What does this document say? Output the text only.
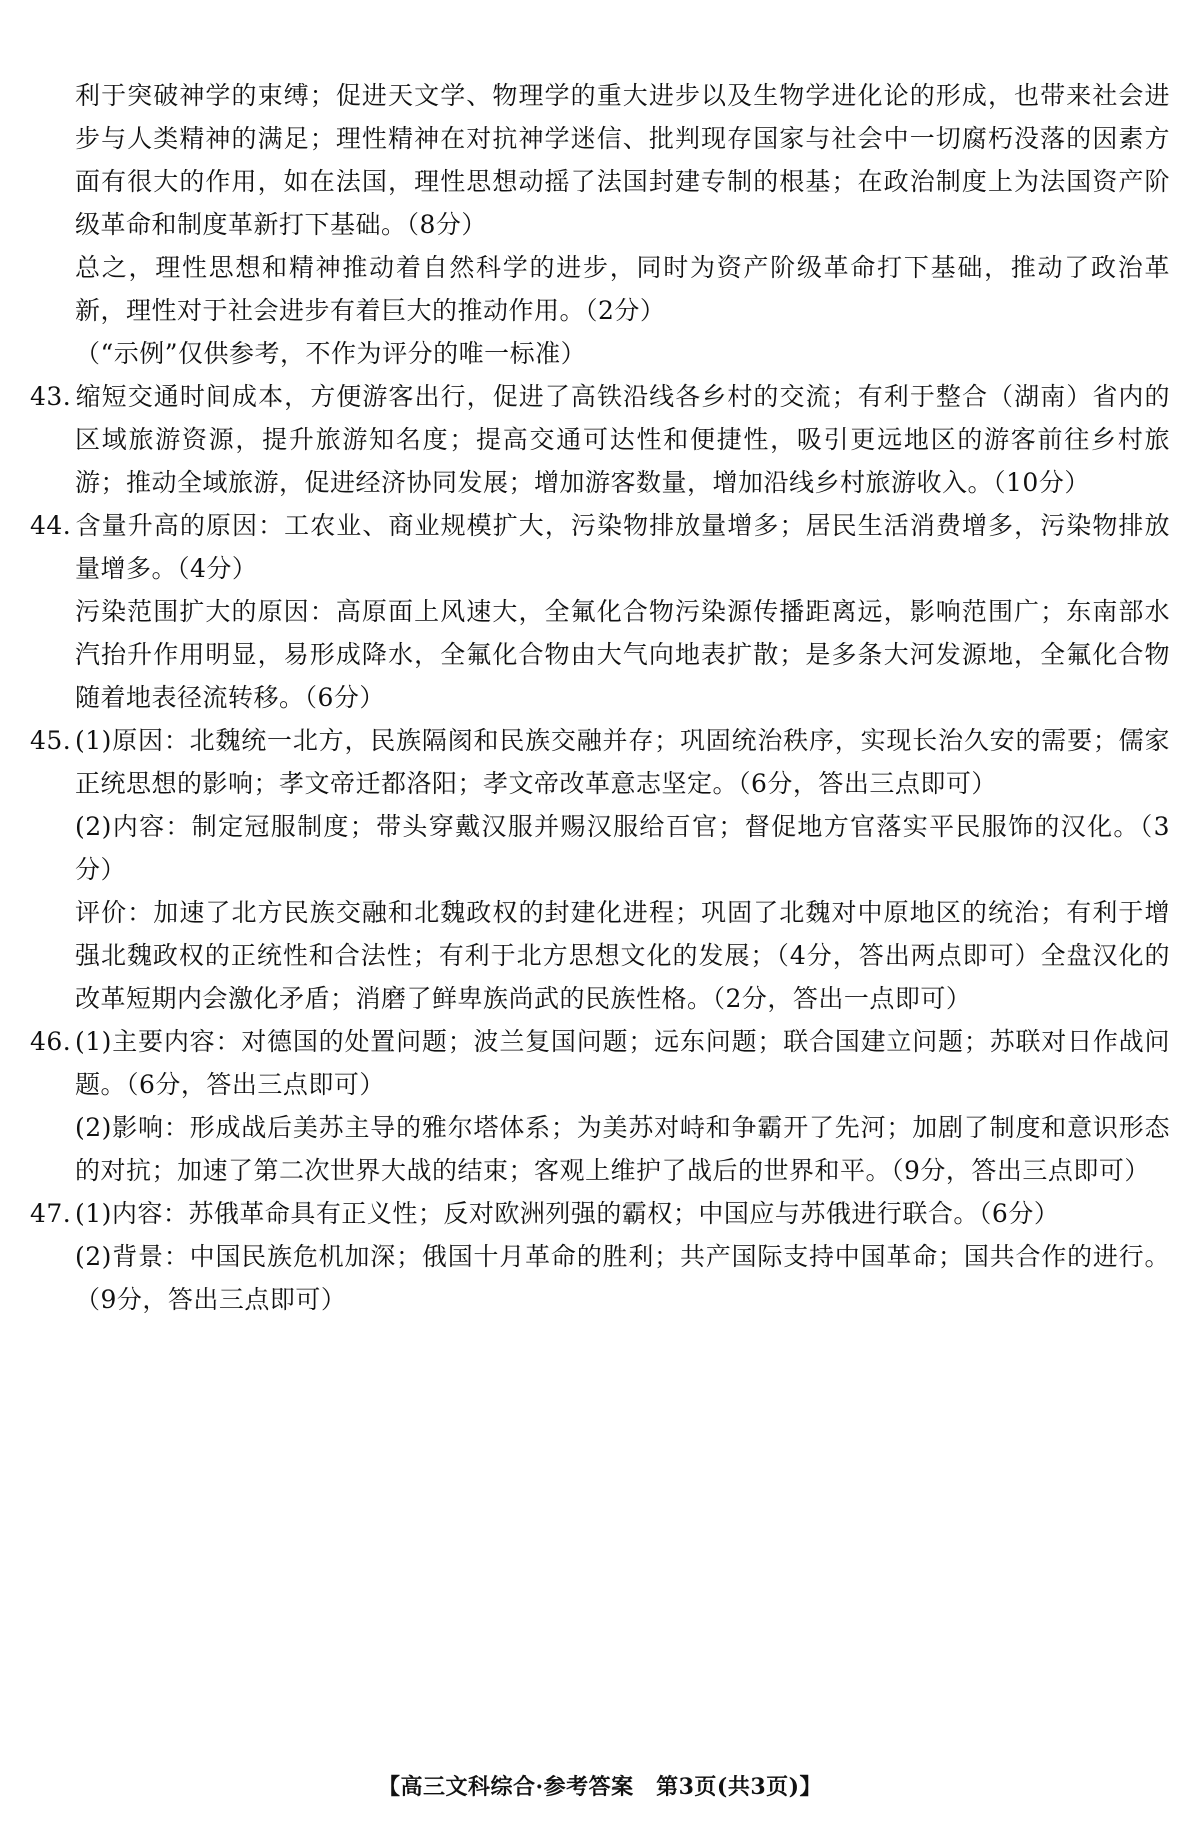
利于突破神学的束缚；促进天文学、物理学的重大进步以及生物学进化论的形成，也带来社会进步与人类精神的满足；理性精神在对抗神学迷信、批判现存国家与社会中一切腐朽没落的因素方面有很大的作用，如在法国，理性思想动摇了法国封建专制的根基；在政治制度上为法国资产阶级革命和制度革新打下基础。（8分）

总之，理性思想和精神推动着自然科学的进步，同时为资产阶级革命打下基础，推动了政治革新，理性对于社会进步有着巨大的推动作用。（2分）

（“示例”仅供参考，不作为评分的唯一标准）

43. 缩短交通时间成本，方便游客出行，促进了高铁沿线各乡村的交流；有利于整合（湖南）省内的区域旅游资源，提升旅游知名度；提高交通可达性和便捷性，吸引更远地区的游客前往乡村旅游；推动全域旅游，促进经济协同发展；增加游客数量，增加沿线乡村旅游收入。（10分）

44. 含量升高的原因：工农业、商业规模扩大，污染物排放量增多；居民生活消费增多，污染物排放量增多。（4分）

污染范围扩大的原因：高原面上风速大，全氟化合物污染源传播距离远，影响范围广；东南部水汽抬升作用明显，易形成降水，全氟化合物由大气向地表扩散；是多条大河发源地，全氟化合物随着地表径流转移。（6分）

45. (1)原因：北魏统一北方，民族隔阂和民族交融并存；巩固统治秩序，实现长治久安的需要；儒家正统思想的影响；孝文帝迁都洛阳；孝文帝改革意志坚定。（6分，答出三点即可）

(2)内容：制定冠服制度；带头穿戴汉服并赐汉服给百官；督促地方官落实平民服饰的汉化。（3分）

评价：加速了北方民族交融和北魏政权的封建化进程；巩固了北魏对中原地区的统治；有利于增强北魏政权的正统性和合法性；有利于北方思想文化的发展；（4分，答出两点即可）全盘汉化的改革短期内会激化矛盾；消磨了鲜卑族尚武的民族性格。（2分，答出一点即可）

46. (1)主要内容：对德国的处置问题；波兰复国问题；远东问题；联合国建立问题；苏联对日作战问题。（6分，答出三点即可）

(2)影响：形成战后美苏主导的雅尔塔体系；为美苏对峙和争霸开了先河；加剧了制度和意识形态的对抗；加速了第二次世界大战的结束；客观上维护了战后的世界和平。（9分，答出三点即可）

47. (1)内容：苏俄革命具有正义性；反对欧洲列强的霸权；中国应与苏俄进行联合。（6分）

(2)背景：中国民族危机加深；俄国十月革命的胜利；共产国际支持中国革命；国共合作的进行。（9分，答出三点即可）

【高三文科综合·参考答案　第3页(共3页)】
